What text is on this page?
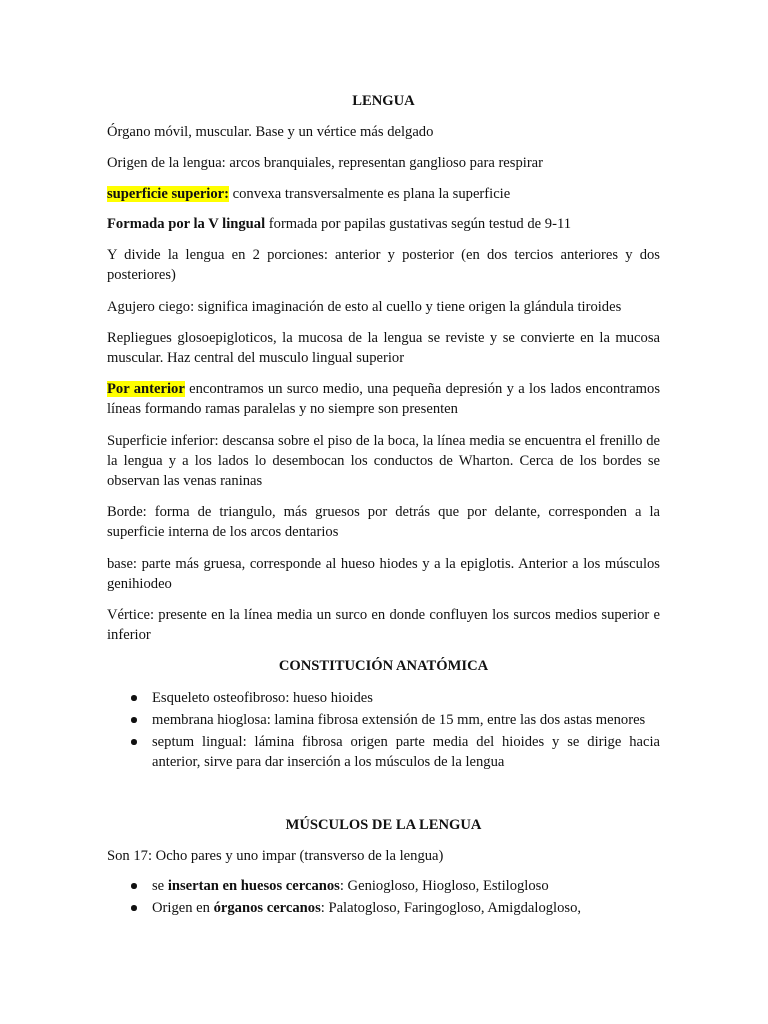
LENGUA

Órgano móvil, muscular. Base y un vértice más delgado

Origen de la lengua: arcos branquiales, representan ganglioso para respirar

superficie superior: convexa transversalmente es plana la superficie

Formada por la V lingual formada por papilas gustativas según testud de 9-11

Y divide la lengua en 2 porciones: anterior y posterior (en dos tercios anteriores y dos posteriores)

Agujero ciego: significa imaginación de esto al cuello y tiene origen la glándula tiroides

Repliegues glosoepigloticos, la mucosa de la lengua se reviste y se convierte en la mucosa muscular. Haz central del musculo lingual superior

Por anterior encontramos un surco medio, una pequeña depresión y a los lados encontramos líneas formando ramas paralelas y no siempre son presenten

Superficie inferior: descansa sobre el piso de la boca, la línea media se encuentra el frenillo de la lengua y a los lados lo desembocan los conductos de Wharton. Cerca de los bordes se observan las venas raninas

Borde: forma de triangulo, más gruesos por detrás que por delante, corresponden a la superficie interna de los arcos dentarios

base: parte más gruesa, corresponde al hueso hiodes y a la epiglotis. Anterior a los músculos genihiodeo

Vértice: presente en la línea media un surco en donde confluyen los surcos medios superior e inferior

CONSTITUCIÓN ANATÓMICA

Esqueleto osteofibroso: hueso hioides
membrana hioglosa: lamina fibrosa extensión de 15 mm, entre las dos astas menores
septum lingual: lámina fibrosa origen parte media del hioides y se dirige hacia anterior, sirve para dar inserción a los músculos de la lengua

MÚSCULOS DE LA LENGUA

Son 17: Ocho pares y uno impar (transverso de la lengua)

se insertan en huesos cercanos: Geniogloso, Hiogloso, Estilogloso
Origen en órganos cercanos: Palatogloso, Faringogloso, Amigdalogloso,
